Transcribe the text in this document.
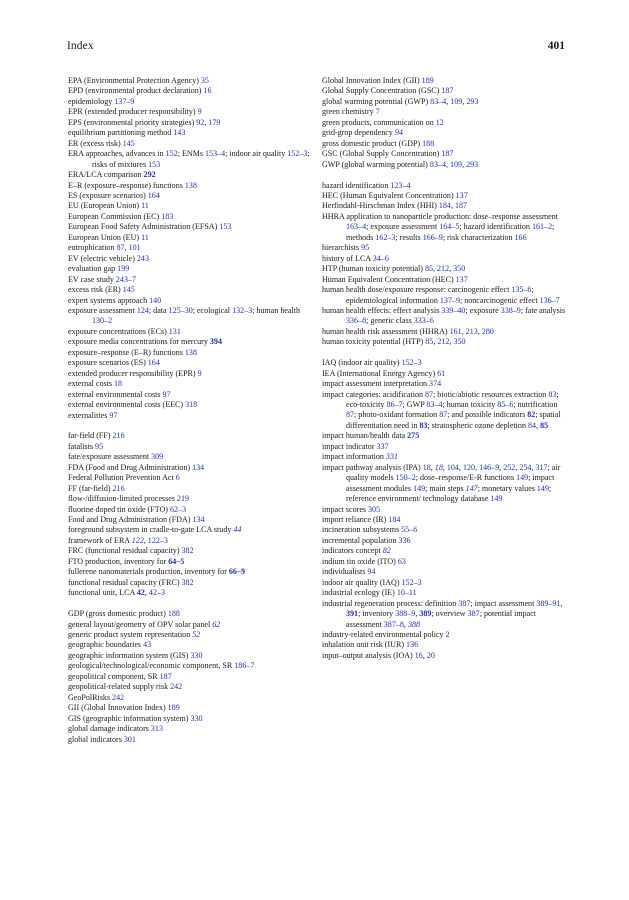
Index	401

EPA (Environmental Protection Agency) 35

EPD (environmental product declaration) 16

epidemiology 137–9

EPR (extended producer responsibility) 9

EPS (environmental priority strategies) 92, 179

equilibrium partitioning method 143

ER (excess risk) 145

ERA approaches, advances in 152; ENMs 153–4; indoor air quality 152–3; risks of mixtures 153

ERA/LCA comparison 292

E–R (exposure–response) functions 138

ES (exposure scenarios) 164

EU (European Union) 11

European Commission (EC) 183

European Food Safety Administration (EFSA) 153

European Union (EU) 11

eutrophication 87, 101

EV (electric vehicle) 243

evaluation gap 199

EV case study 243–7

excess risk (ER) 145

expert systems approach 140

exposure assessment 124; data 125–30; ecological 132–3; human health 130–2

exposure concentrations (ECs) 131

exposure media concentrations for mercury 394

exposure–response (E–R) functions 138

exposure scenarios (ES) 164

extended producer responsibility (EPR) 9

external costs 18

external environmental costs 97

external environmental costs (EEC) 318

externalities 97

far-field (FF) 216

fatalists 95

fate/exposure assessment 309

FDA (Food and Drug Administration) 134

Federal Pollution Prevention Act 6

FF (far-field) 216

flow-/diffusion-limited processes 219

fluorine doped tin oxide (FTO) 62–3

Food and Drug Administration (FDA) 134

foreground subsystem in cradle-to-gate LCA study 44

framework of ERA 122, 122–3

FRC (functional residual capacity) 382

FTO production, inventory for 64–5

fullerene nanomaterials production, inventory for 66–9

functional residual capacity (FRC) 382

functional unit, LCA 42, 42–3

GDP (gross domestic product) 188

general layout/geometry of OPV solar panel 62

generic product system representation 52

geographic boundaries 43

geographic information system (GIS) 330

geological/technological/economic component, SR 186–7

geopolitical component, SR 187

geopolitical-related supply risk 242

GeoPolRisks 242

GII (Global Innovation Index) 189

GIS (geographic information system) 330

global damage indicators 313

global indicators 301

Global Innovation Index (GII) 189

Global Supply Concentration (GSC) 187

global warming potential (GWP) 83–4, 109, 293

green chemistry 7

green products, communication on 12

grid-grop dependency 94

gross domestic product (GDP) 188

GSC (Global Supply Concentration) 187

GWP (global warming potential) 83–4, 109, 293

hazard identification 123–4

HEC (Human Equivalent Concentration) 137

Herfindahl-Hirschman Index (HHI) 184, 187

HHRA application to nanoparticle production: dose–response assessment 163–4; exposure assessment 164–5; hazard identification 161–2; methods 162–3; results 166–9; risk characterization 166

hierarchists 95

history of LCA 34–6

HTP (human toxicity potential) 85, 212, 350

Human Equivalent Concentration (HEC) 137

human health dose/exposure response: carcinogenic effect 135–6; epidemiological information 137–9; noncarcinogenic effect 136–7

human health effects: effect analysis 339–40; exposure 338–9; fate analysis 336–8; generic class 333–6

human health risk assessment (HHRA) 161, 213, 280

human toxicity potential (HTP) 85, 212, 350

IAQ (indoor air quality) 152–3

IEA (International Energy Agency) 61

impact assessment interpretation 374

impact categories: acidification 87; biotic/abiotic resources extraction 83; eco-toxicity 86–7; GWP 83–4; human toxicity 85–6; nutrification 87; photo-oxidant formation 87; and possible indicators 82; spatial differentiation need in 83; stratospheric ozone depletion 84, 85

impact human/health data 275

impact indicator 337

impact information 331

impact pathway analysis (IPA) 18, 18, 104, 120, 146–9, 252, 254, 317; air quality models 150–2; dose–response/E-R functions 149; impact assessment modules 149; main steps 147; monetary values 149; reference environment/ technology database 149

impact scores 305

import reliance (IR) 184

incineration subsystems 55–6

incremental population 336

indicators concept 82

indium tin oxide (ITO) 63

individualists 94

indoor air quality (IAQ) 152–3

industrial ecology (IE) 10–11

industrial regeneration process: definition 387; impact assessment 389–91, 391; inventory 388–9, 389; overview 387; potential impact assessment 387–8, 388

industry-related environmental policy 2

inhalation unit risk (IUR) 136

input–output analysis (IOA) 16, 20
